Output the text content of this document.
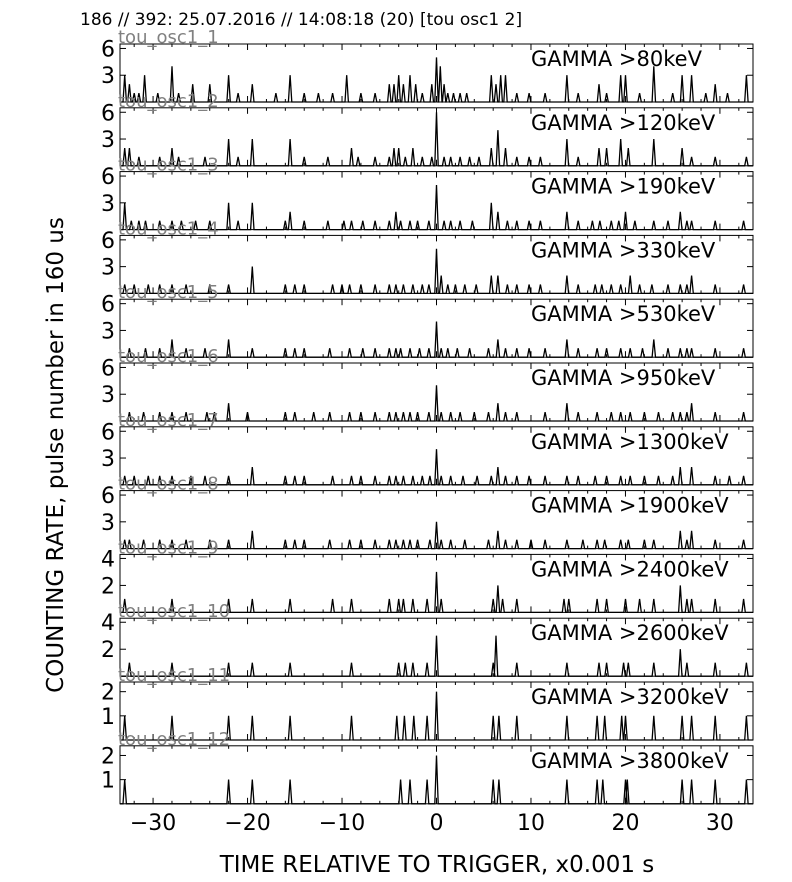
186 // 392: 25.07.2016 // 14:08:18 (20) [tou osc1 2]
3
6	GAMMA >80keV
tou_osc1_1
3
6	GAMMA >120keV
tou_osc1_2
3
6	GAMMA >190keV
tou_osc1_3
3
6	GAMMA >330keV
tou_osc1_4
3
6	GAMMA >530keV
tou_osc1_5
3
6	GAMMA >950keV
tou_osc1_6
3
6	GAMMA >1300keV
tou_osc1_7
3
6	GAMMA >1900keV
tou_osc1_8
2
4	GAMMA >2400keV
tou_osc1_9
2
4	GAMMA >2600keV
tou_osc1_10
1
2	GAMMA >3200keV
tou_osc1_11
1
2	GAMMA >3800keV
tou_osc1_12
−30 −20 −10	0	10	20	30
TIME RELATIVE TO TRIGGER, x0.001 s
COUNTING RATE, pulse number in 160 us
